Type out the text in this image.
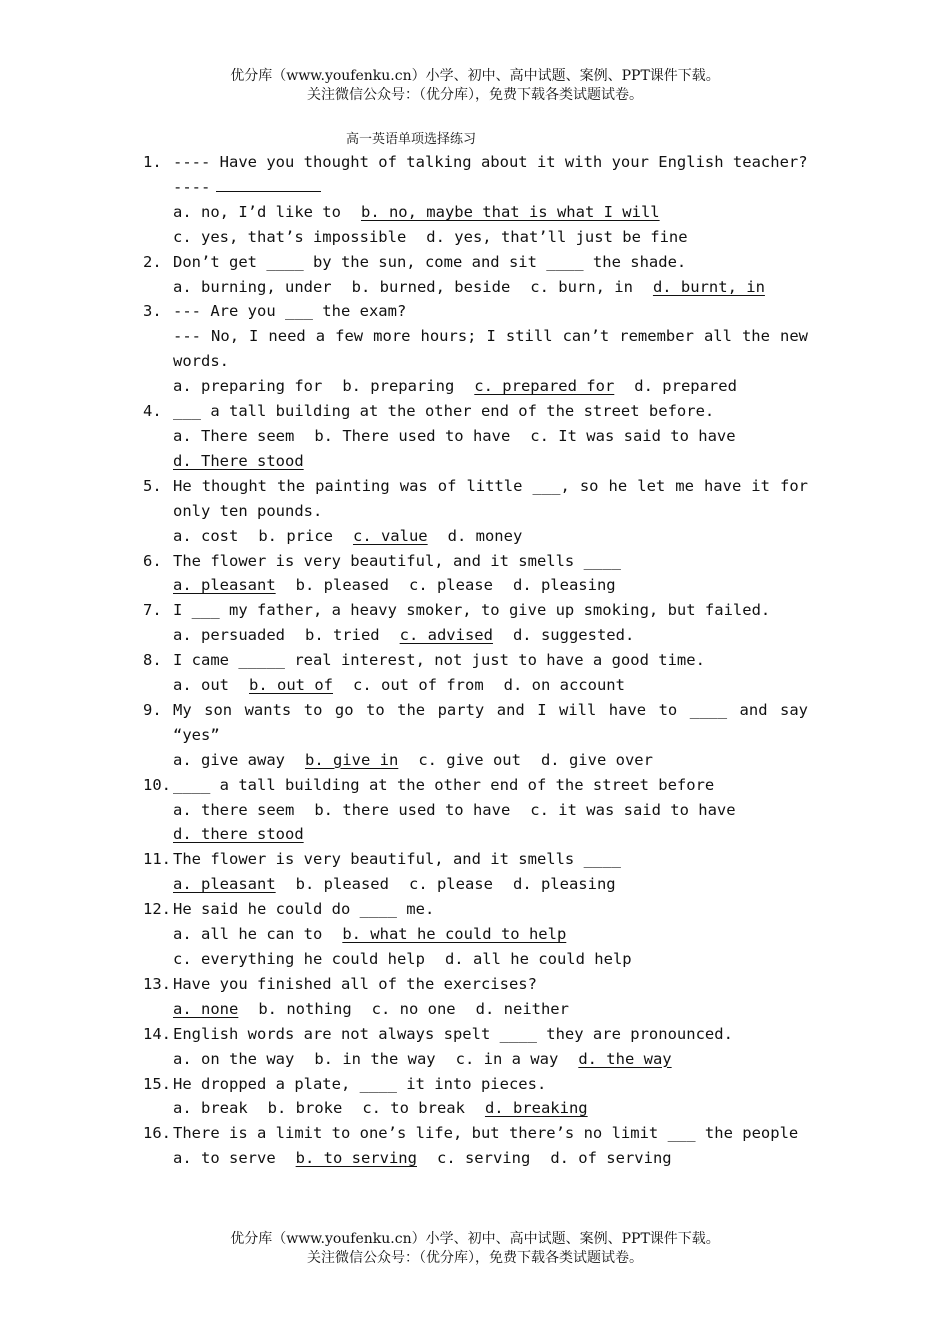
优分库（www.youfenku.cn）小学、初中、高中试题、案例、PPT课件下载。
关注微信公众号：（优分库），免费下载各类试题试卷。
高一英语单项选择练习
1. ---- Have you thought of talking about it with your English teacher?
----
a. no, I’d like to b. no, maybe that is what I will
c. yes, that’s impossible d. yes, that’ll just be fine
2. Don’t get ____ by the sun, come and sit ____ the shade.
a. burning, under b. burned, beside c. burn, in d. burnt, in
3. --- Are you ___ the exam?
--- No, I need a few more hours; I still can’t remember all the new words.
a. preparing for b. preparing c. prepared for d. prepared
4. ___ a tall building at the other end of the street before.
a. There seem b. There used to have c. It was said to have
d. There stood
5. He thought the painting was of little ___, so he let me have it for only ten pounds.
a. cost b. price c. value d. money
6. The flower is very beautiful, and it smells ____
a. pleasant b. pleased c. please d. pleasing
7. I ___ my father, a heavy smoker, to give up smoking, but failed.
a. persuaded b. tried c. advised d. suggested.
8. I came _____ real interest, not just to have a good time.
a. out b. out of c. out of from d. on account
9. My son wants to go to the party and I will have to ____ and say “yes”
a. give away b. give in c. give out d. give over
10. ____ a tall building at the other end of the street before
a. there seem b. there used to have c. it was said to have
d. there stood
11. The flower is very beautiful, and it smells ____
a. pleasant b. pleased c. please d. pleasing
12. He said he could do ____ me.
a. all he can to b. what he could to help
c. everything he could help d. all he could help
13. Have you finished all of the exercises?
a. none b. nothing c. no one d. neither
14. English words are not always spelt ____ they are pronounced.
a. on the way b. in the way c. in a way d. the way
15. He dropped a plate, ____ it into pieces.
a. break b. broke c. to break d. breaking
16. There is a limit to one’s life, but there’s no limit ___ the people
a. to serve b. to serving c. serving d. of serving
优分库（www.youfenku.cn）小学、初中、高中试题、案例、PPT课件下载。
关注微信公众号：（优分库），免费下载各类试题试卷。
